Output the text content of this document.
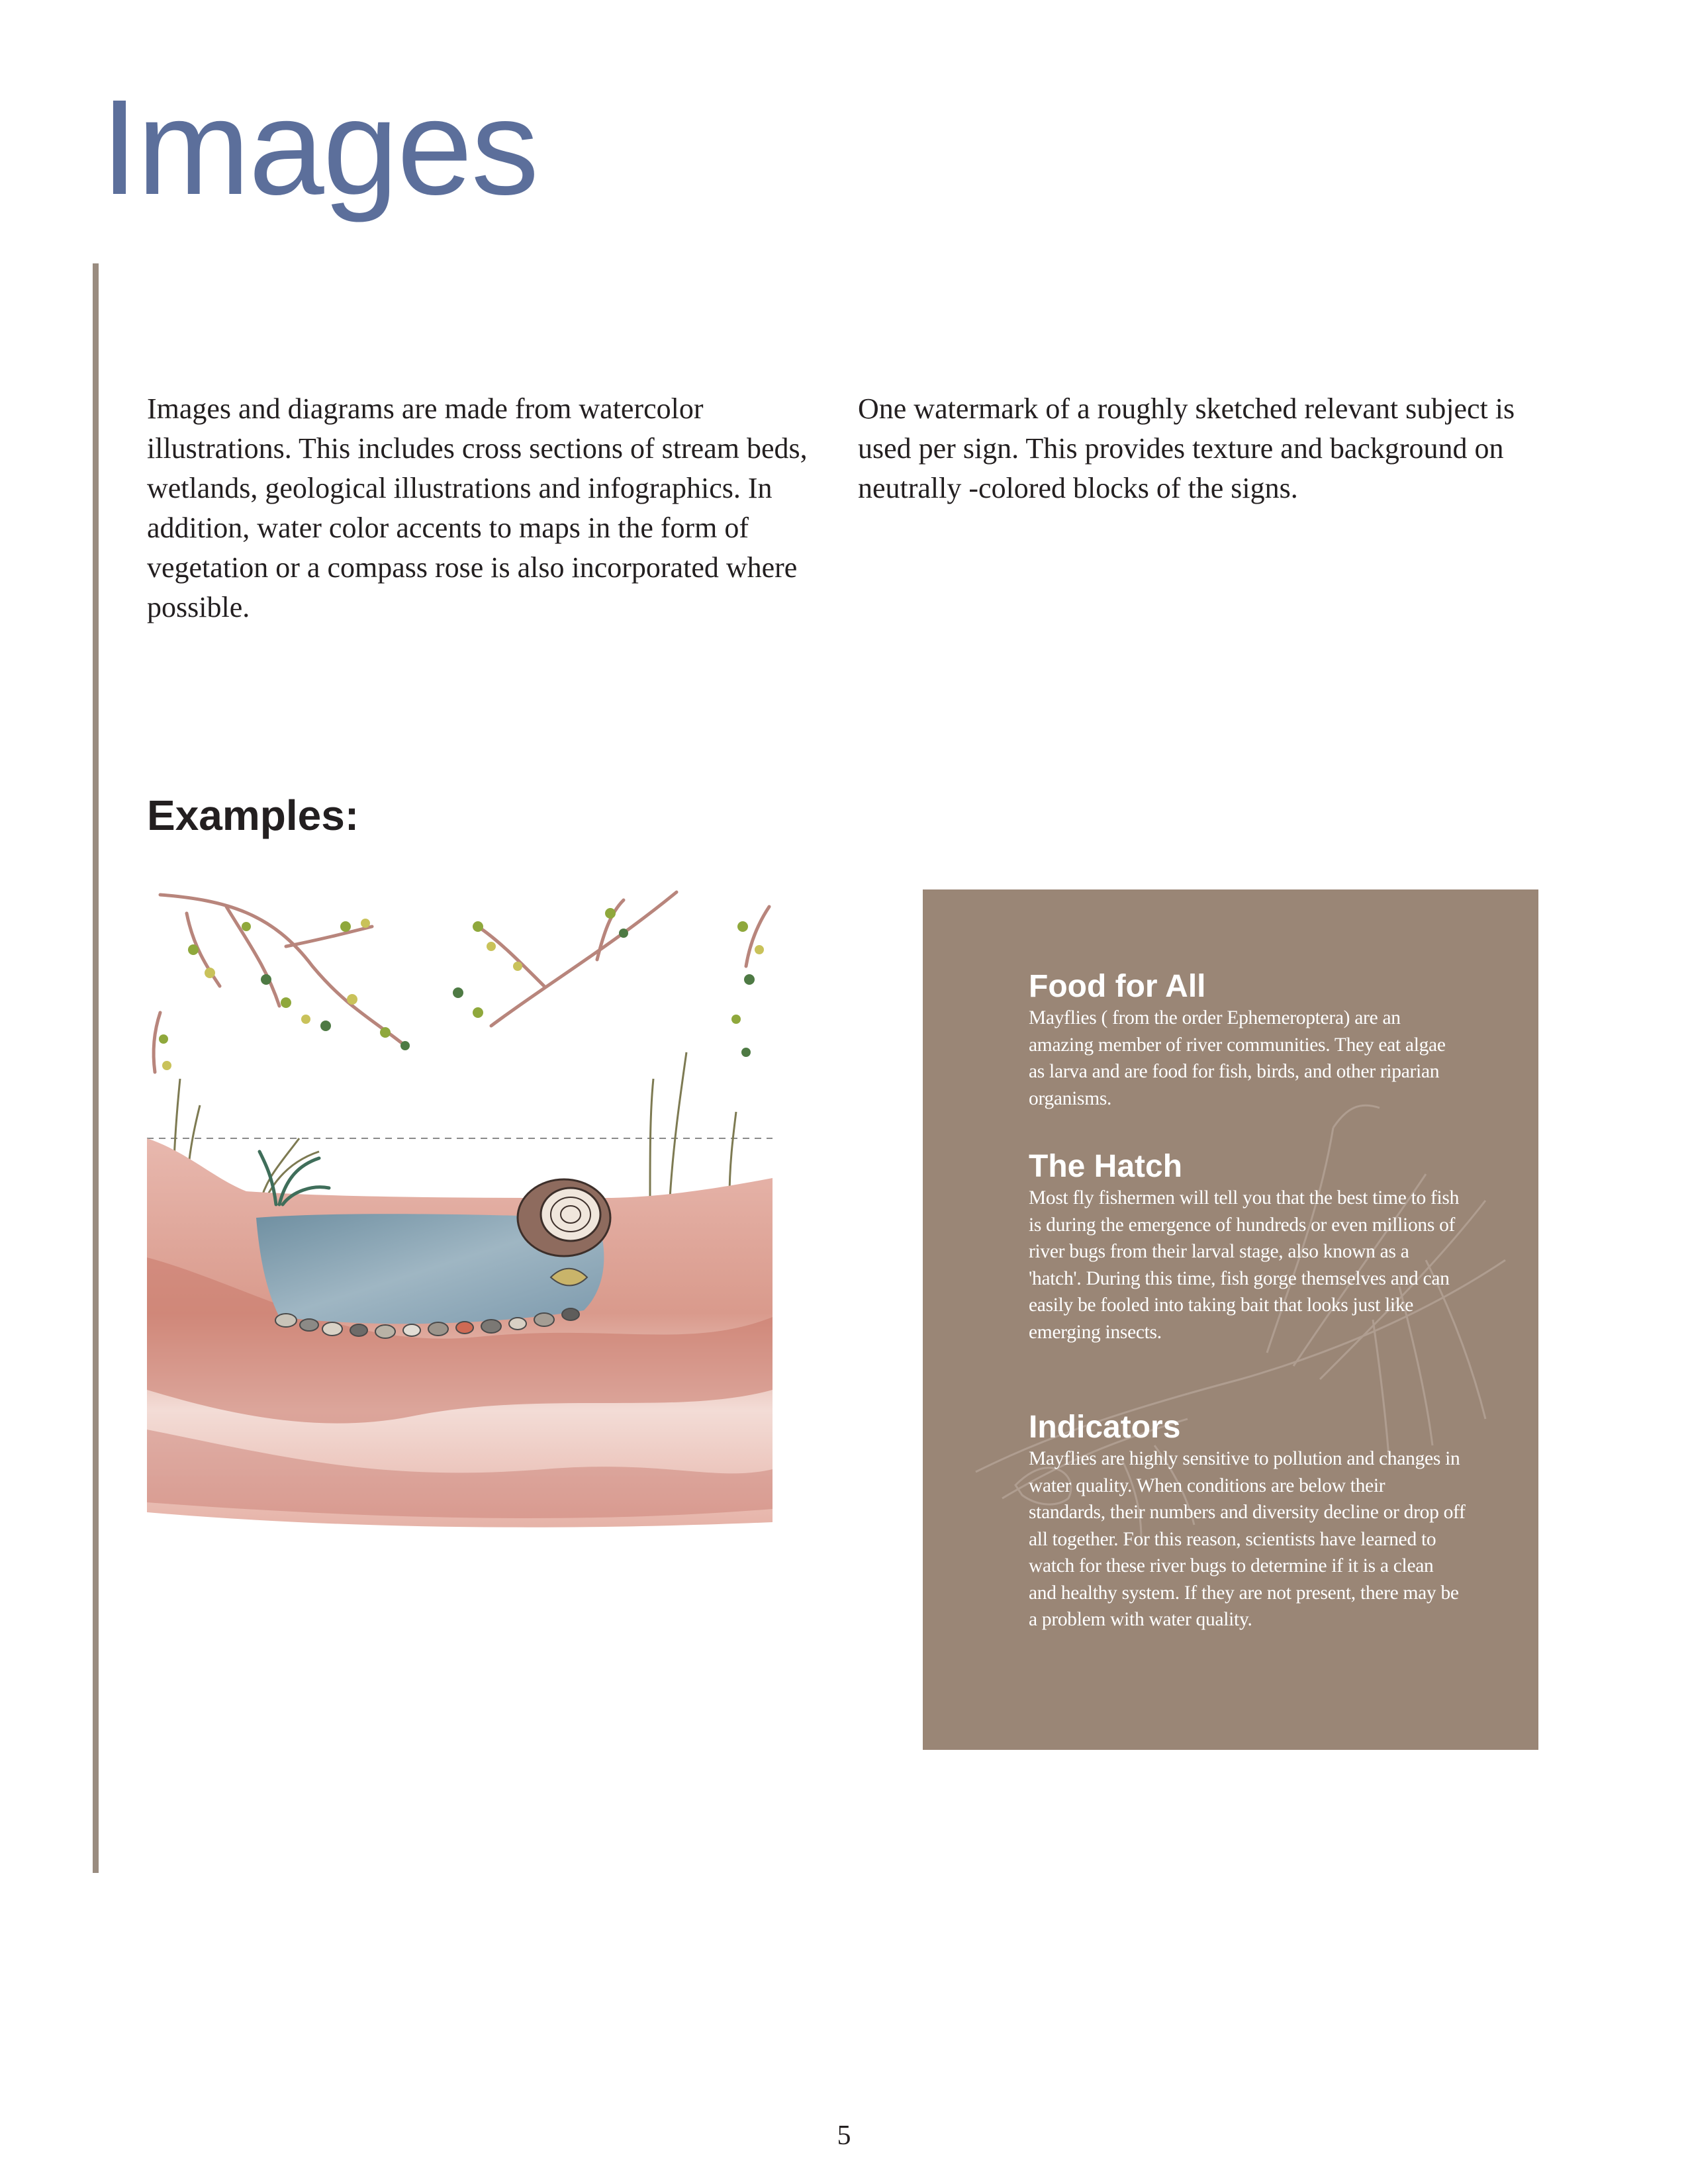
Images

Images and diagrams are made from watercolor illustrations. This includes cross sections of stream beds, wetlands, geological illustrations and infographics. In addition, water color accents to maps in the form of vegetation or a compass rose is also incorporated where possible.

One watermark of a roughly sketched relevant subject is used per sign. This provides texture and background on neutrally -colored blocks of the signs.

Examples:
Food for All

Mayflies ( from the order Ephemeroptera) are an amazing member of river communities. They eat algae as larva and are food for fish, birds, and other riparian organisms.

The Hatch

Most fly fishermen will tell you that the best time to fish is during the emergence of hundreds or even millions of river bugs from their larval stage, also known as a 'hatch'. During this time, fish gorge themselves and can easily be fooled into taking bait that looks just like emerging insects.

Indicators

Mayflies are highly sensitive to pollution and changes in water quality. When conditions are below their standards, their numbers and diversity decline or drop off all together. For this reason, scientists have learned to watch for these river bugs to determine if it is a clean and healthy system. If they are not present, there may be a problem with water quality.

5
